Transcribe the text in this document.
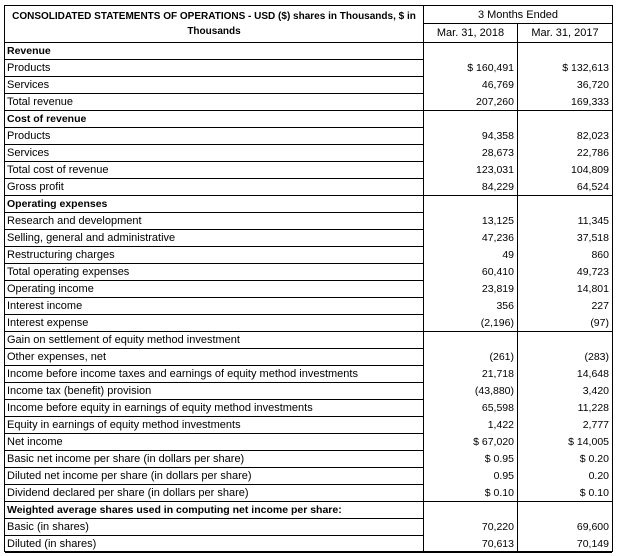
CONSOLIDATED STATEMENTS OF OPERATIONS - USD ($) shares in Thousands, $ in Thousands
3 Months Ended
Mar. 31, 2018	Mar. 31, 2017
Revenue
Products	$ 160,491	$ 132,613
Services	46,769	36,720
Total revenue	207,260	169,333
Cost of revenue
Products	94,358	82,023
Services	28,673	22,786
Total cost of revenue	123,031	104,809
Gross profit	84,229	64,524
Operating expenses
Research and development	13,125	11,345
Selling, general and administrative	47,236	37,518
Restructuring charges	49	860
Total operating expenses	60,410	49,723
Operating income	23,819	14,801
Interest income	356	227
Interest expense	(2,196)	(97)
Gain on settlement of equity method investment
Other expenses, net	(261)	(283)
Income before income taxes and earnings of equity method investments	21,718	14,648
Income tax (benefit) provision	(43,880)	3,420
Income before equity in earnings of equity method investments	65,598	11,228
Equity in earnings of equity method investments	1,422	2,777
Net income	$ 67,020	$ 14,005
Basic net income per share (in dollars per share)	$ 0.95	$ 0.20
Diluted net income per share (in dollars per share)	0.95	0.20
Dividend declared per share (in dollars per share)	$ 0.10	$ 0.10
Weighted average shares used in computing net income per share:
Basic (in shares)	70,220	69,600
Diluted (in shares)	70,613	70,149
